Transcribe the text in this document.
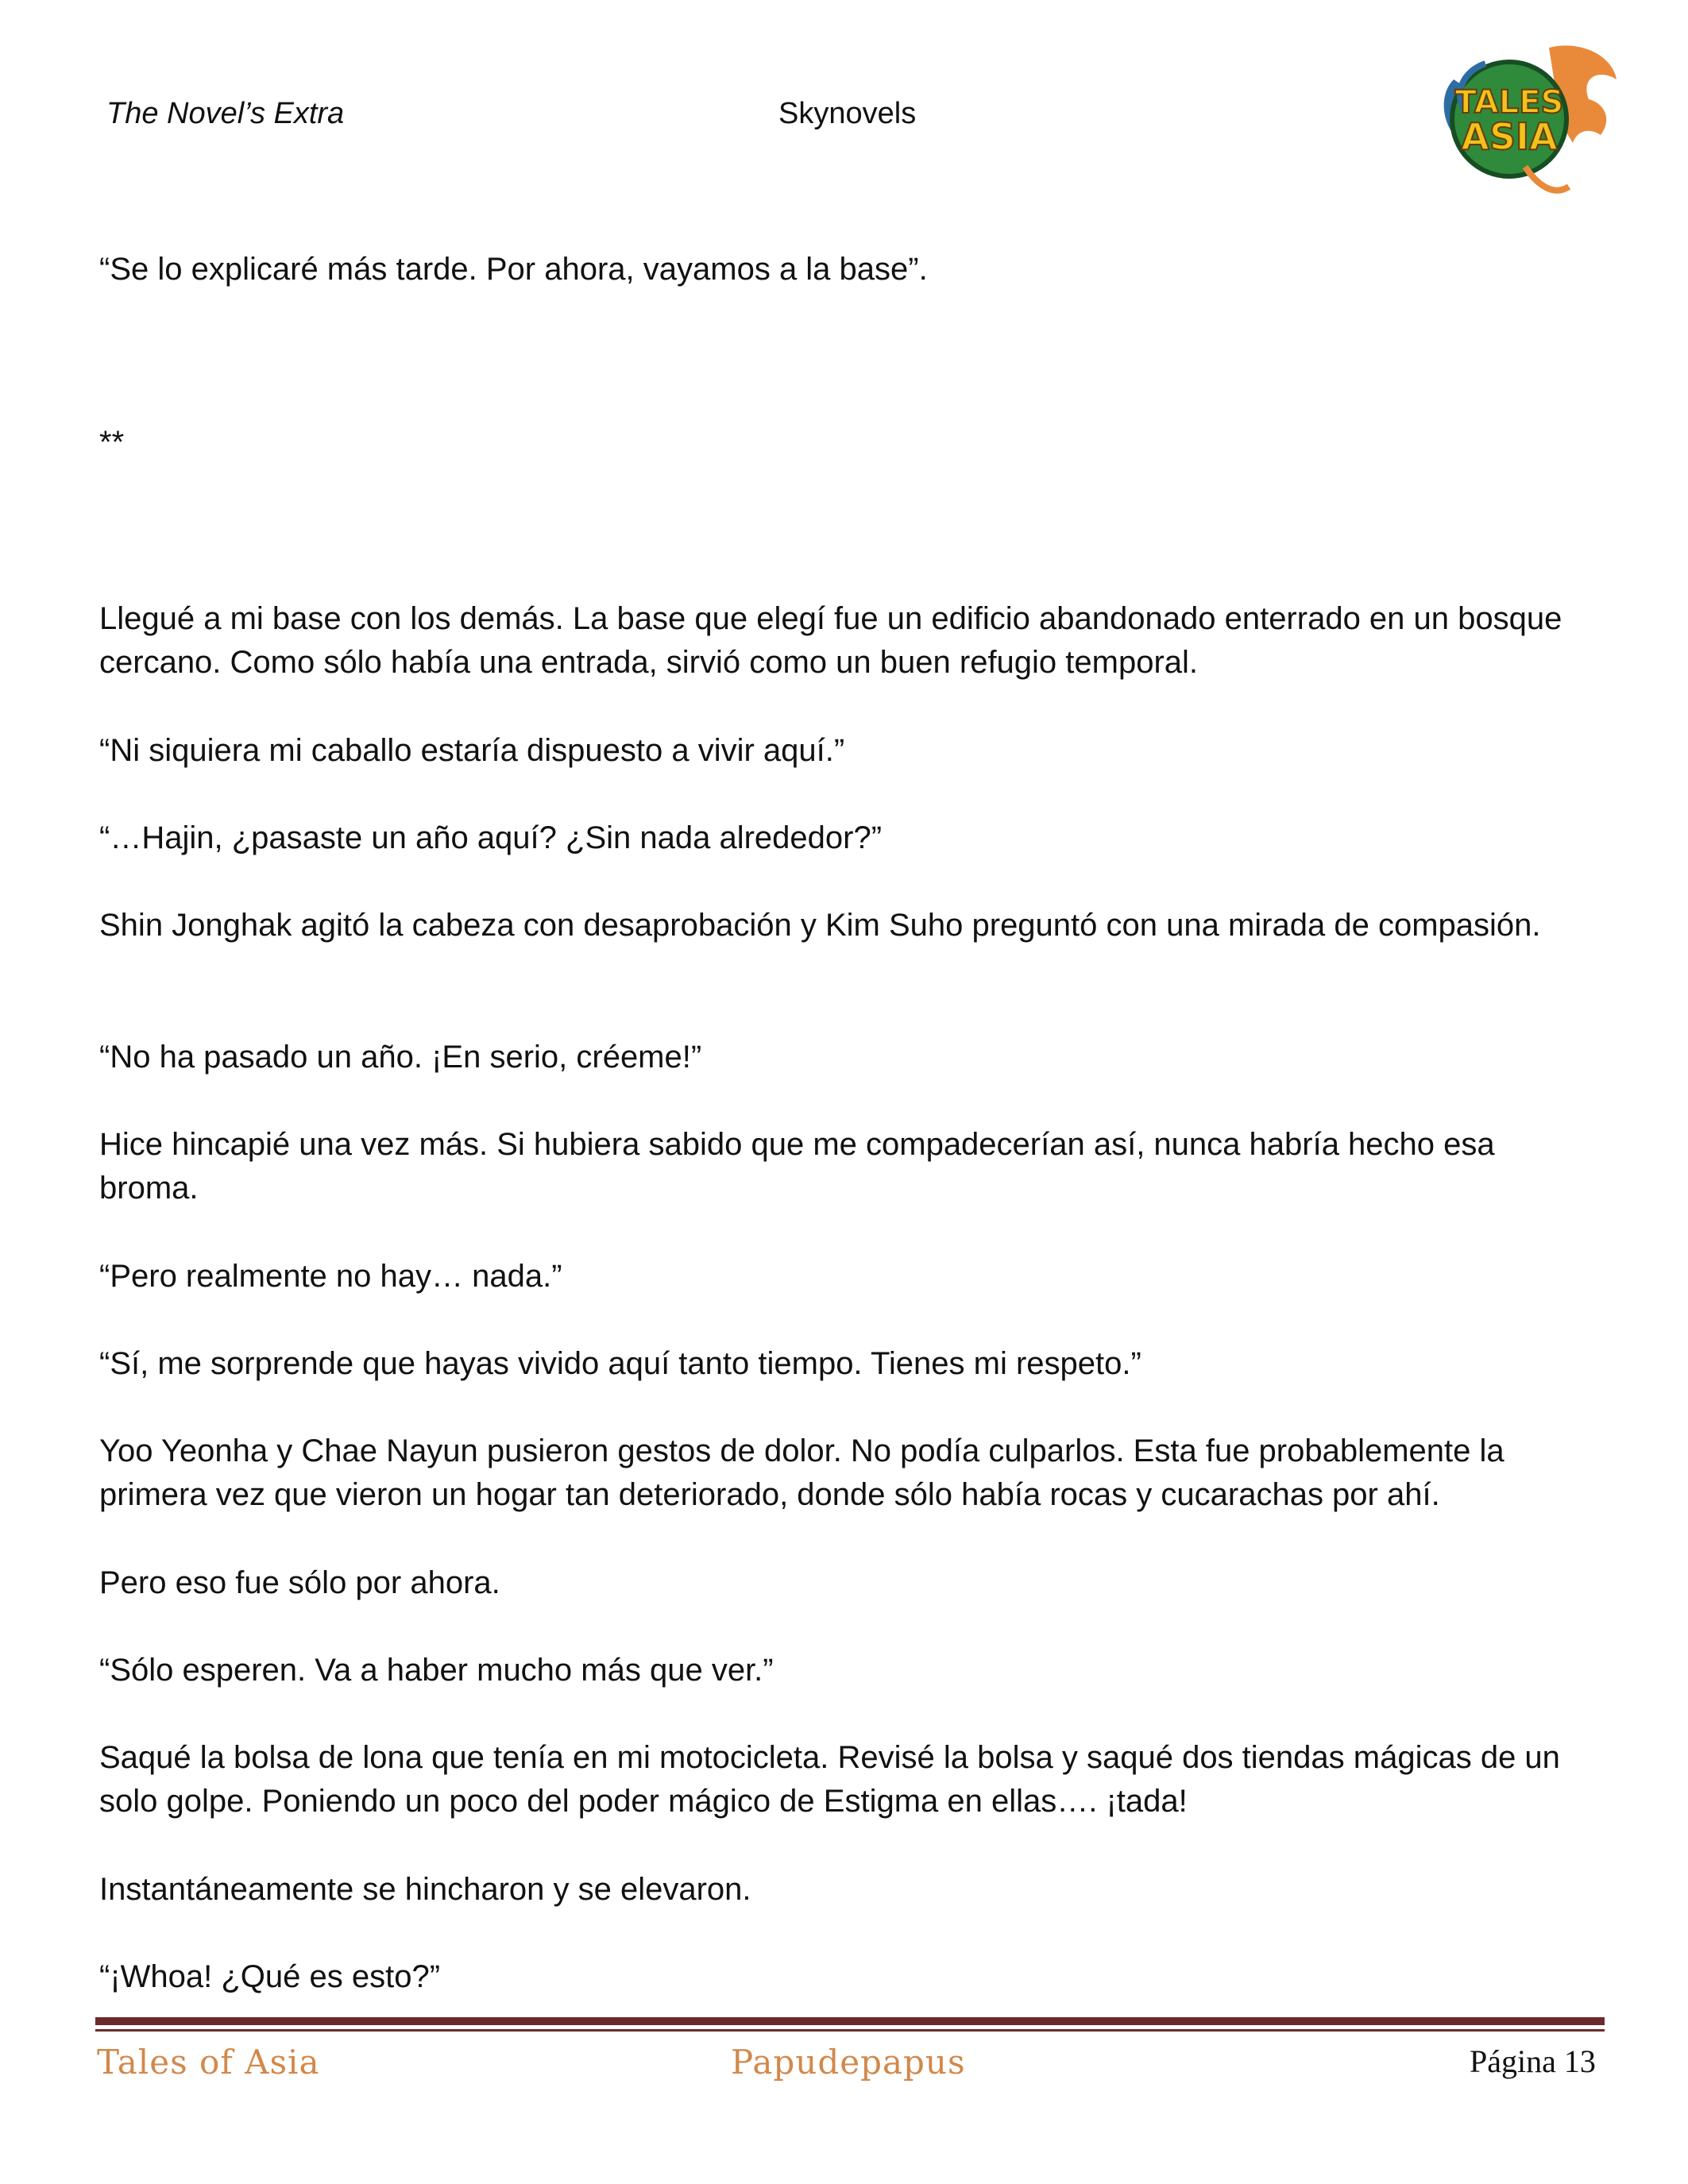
The Novel’s Extra	Skynovels	TALES
ASIA

“Se lo explicaré más tarde. Por ahora, vayamos a la base”.

**

Llegué a mi base con los demás. La base que elegí fue un edificio abandonado enterrado en un bosque cercano. Como sólo había una entrada, sirvió como un buen refugio temporal.

“Ni siquiera mi caballo estaría dispuesto a vivir aquí.”

“…Hajin, ¿pasaste un año aquí? ¿Sin nada alrededor?”

Shin Jonghak agitó la cabeza con desaprobación y Kim Suho preguntó con una mirada de compasión.

“No ha pasado un año. ¡En serio, créeme!”

Hice hincapié una vez más. Si hubiera sabido que me compadecerían así, nunca habría hecho esa broma.

“Pero realmente no hay… nada.”

“Sí, me sorprende que hayas vivido aquí tanto tiempo. Tienes mi respeto.”

Yoo Yeonha y Chae Nayun pusieron gestos de dolor. No podía culparlos. Esta fue probablemente la primera vez que vieron un hogar tan deteriorado, donde sólo había rocas y cucarachas por ahí.

Pero eso fue sólo por ahora.

“Sólo esperen. Va a haber mucho más que ver.”

Saqué la bolsa de lona que tenía en mi motocicleta. Revisé la bolsa y saqué dos tiendas mágicas de un solo golpe. Poniendo un poco del poder mágico de Estigma en ellas…. ¡tada!

Instantáneamente se hincharon y se elevaron.

“¡Whoa! ¿Qué es esto?”

Tales of Asia	Papudepapus	Página 13
